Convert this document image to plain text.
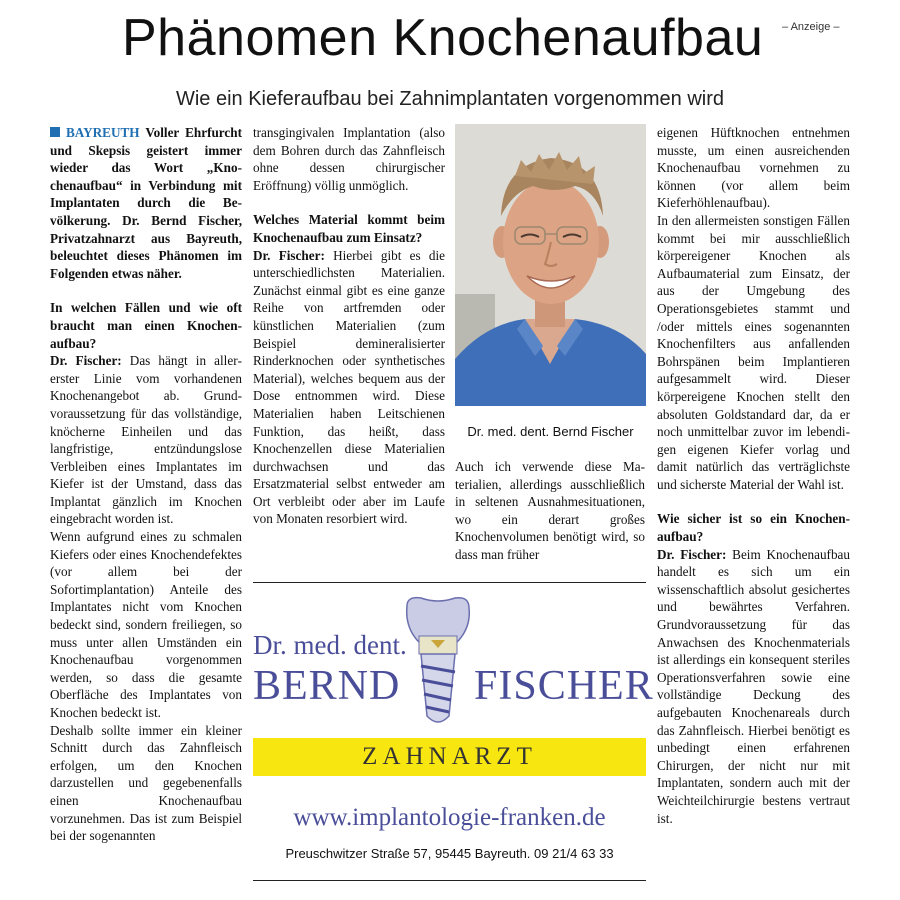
Phänomen Knochenaufbau – Anzeige –
Wie ein Kieferaufbau bei Zahnimplantaten vorgenommen wird

BAYREUTH Voller Ehrfurcht und Skepsis geistert immer wieder das Wort „Knochenaufbau“ in Verbindung mit Implantaten durch die Bevölkerung. Dr. Bernd Fischer, Privatzahnarzt aus Bayreuth, beleuchtet dieses Phänomen im Folgenden etwas näher.

In welchen Fällen und wie oft braucht man einen Knochenaufbau?

Dr. Fischer: Das hängt in allererster Linie vom vorhandenen Knochenangebot ab. Grundvoraussetzung für das vollständige, knöcherne Einheilen und das langfristige, entzündungslose Verbleiben eines Implantates im Kiefer ist der Umstand, dass das Implantat gänzlich im Knochen eingebracht worden ist.

Wenn aufgrund eines zu schmalen Kiefers oder eines Knochendefektes (vor allem bei der Sofortimplantation) Anteile des Implantates nicht vom Knochen bedeckt sind, sondern freiliegen, so muss unter allen Umständen ein Knochenaufbau vorgenommen werden, so dass die gesamte Oberfläche des Implantates von Knochen bedeckt ist.

Deshalb sollte immer ein kleiner Schnitt durch das Zahnfleisch erfolgen, um den Knochen darzustellen und gegebenenfalls einen Knochenaufbau vorzunehmen. Das ist zum Beispiel bei der sogenannten

transgingivalen Implantation (also dem Bohren durch das Zahnfleisch ohne dessen chirurgischer Eröffnung) völlig unmöglich.

Welches Material kommt beim Knochenaufbau zum Einsatz?

Dr. Fischer: Hierbei gibt es die unterschiedlichsten Materialien. Zunächst einmal gibt es eine ganze Reihe von artfremden oder künstlichen Materialien (zum Beispiel demineralisierter Rinderknochen oder synthetisches Material), welches bequem aus der Dose entnommen wird. Diese Materialien haben Leitschienen Funktion, das heißt, dass Knochenzellen diese Materialien durchwachsen und das Ersatzmaterial selbst entweder am Ort verbleibt oder aber im Laufe von Monaten resorbiert wird.

Dr. med. dent. Bernd Fischer

Auch ich verwende diese Materialien, allerdings ausschließlich in seltenen Ausnahmesituationen, wo ein derart großes Knochenvolumen benötigt wird, so dass man früher

eigenen Hüftknochen entnehmen musste, um einen ausreichenden Knochenaufbau vornehmen zu können (vor allem beim Kieferhöhlenaufbau).

In den allermeisten sonstigen Fällen kommt bei mir ausschließlich körpereigener Knochen als Aufbaumaterial zum Einsatz, der aus der Umgebung des Operationsgebietes stammt und /oder mittels eines sogenannten Knochenfilters aus anfallenden Bohrspänen beim Implantieren aufgesammelt wird. Dieser körpereigene Knochen stellt den absoluten Goldstandard dar, da er noch unmittelbar zuvor im lebendigen eigenen Kiefer vorlag und damit natürlich das verträglichste und sicherste Material der Wahl ist.

Wie sicher ist so ein Knochenaufbau?

Dr. Fischer: Beim Knochenaufbau handelt es sich um ein wissenschaftlich absolut gesichertes und bewährtes Verfahren. Grundvoraussetzung für das Anwachsen des Knochenmaterials ist allerdings ein konsequent steriles Operationsverfahren sowie eine vollständige Deckung des aufgebauten Knochenareals durch das Zahnfleisch. Hierbei benötigt es unbedingt einen erfahrenen Chirurgen, der nicht nur mit Implantaten, sondern auch mit der Weichteilchirurgie bestens vertraut ist.

Dr. med. dent.
BERND FISCHER
ZAHNARZT
www.implantologie-franken.de
Preuschwitzer Straße 57, 95445 Bayreuth. 09 21/4 63 33
